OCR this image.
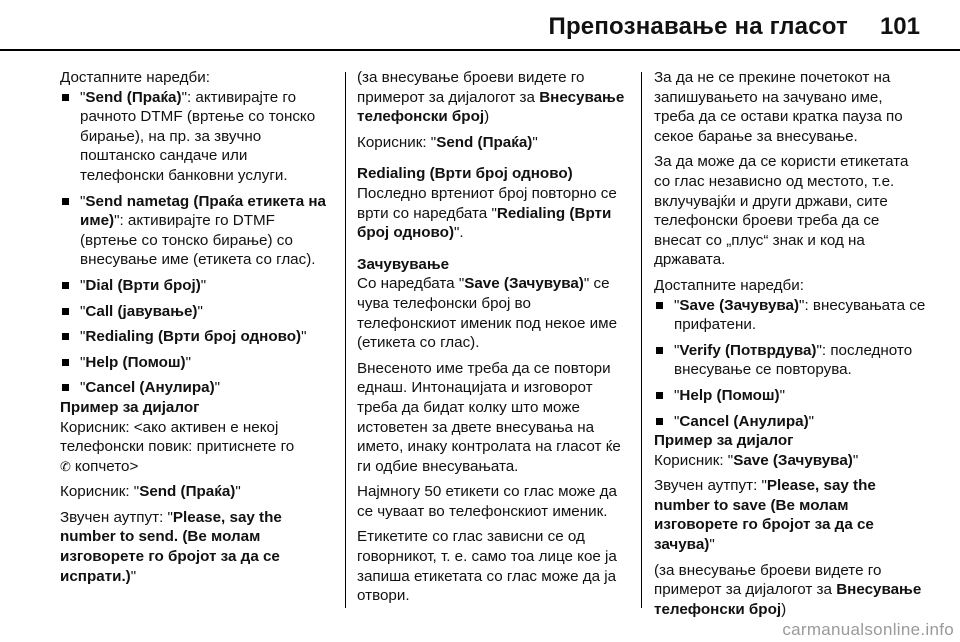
Препознавање на гласот 101

Достапните наредби:

"Send (Праќа)": активирајте го рачното DTMF (вртење со тонско бирање), на пр. за звучно поштанско сандаче или телефонски банковни услуги.
"Send nametag (Праќа етикета на име)": активирајте го DTMF (вртење со тонско бирање) со внесување име (етикета со глас).
"Dial (Врти број)"
"Call (јавување)"
"Redialing (Врти број одново)"
"Help (Помош)"
"Cancel (Анулира)"

Пример за дијалог

Корисник: <ако активен е некој телефонски повик: притиснете го
✆ копчето>

Корисник: "Send (Праќа)"

Звучен аутпут: "Please, say the number to send. (Ве молам изговорете го бројот за да се испрати.)"

(за внесување броеви видете го примерот за дијалогот за Внесување телефонски број)

Корисник: "Send (Праќа)"

Redialing (Врти број одново)

Последно вртениот број повторно се врти со наредбата "Redialing (Врти број одново)".

Зачувување

Со наредбата "Save (Зачувува)" се чува телефонски број во телефонскиот именик под некое име (етикета со глас).

Внесеното име треба да се повтори еднаш. Интонацијата и изговорот треба да бидат колку што може истоветен за двете внесувања на името, инаку контролата на гласот ќе ги одбие внесувањата.

Најмногу 50 етикети со глас може да се чуваат во телефонскиот именик.

Етикетите со глас зависни се од говорникот, т. е. само тоа лице кое ја запиша етикетата со глас може да ја отвори.

За да не се прекине почетокот на запишувањето на зачувано име, треба да се остави кратка пауза по секое барање за внесување.

За да може да се користи етикетата со глас независно од местото, т.е. вклучувајќи и други држави, сите телефонски броеви треба да се внесат со „плус“ знак и код на државата.

Достапните наредби:

"Save (Зачувува)": внесувањата се прифатени.
"Verify (Потврдува)": последното внесување се повторува.
"Help (Помош)"
"Cancel (Анулира)"

Пример за дијалог

Корисник: "Save (Зачувува)"

Звучен аутпут: "Please, say the number to save (Ве молам изговорете го бројот за да се зачува)"

(за внесување броеви видете го примерот за дијалогот за Внесување телефонски број)

carmanualsonline.info
